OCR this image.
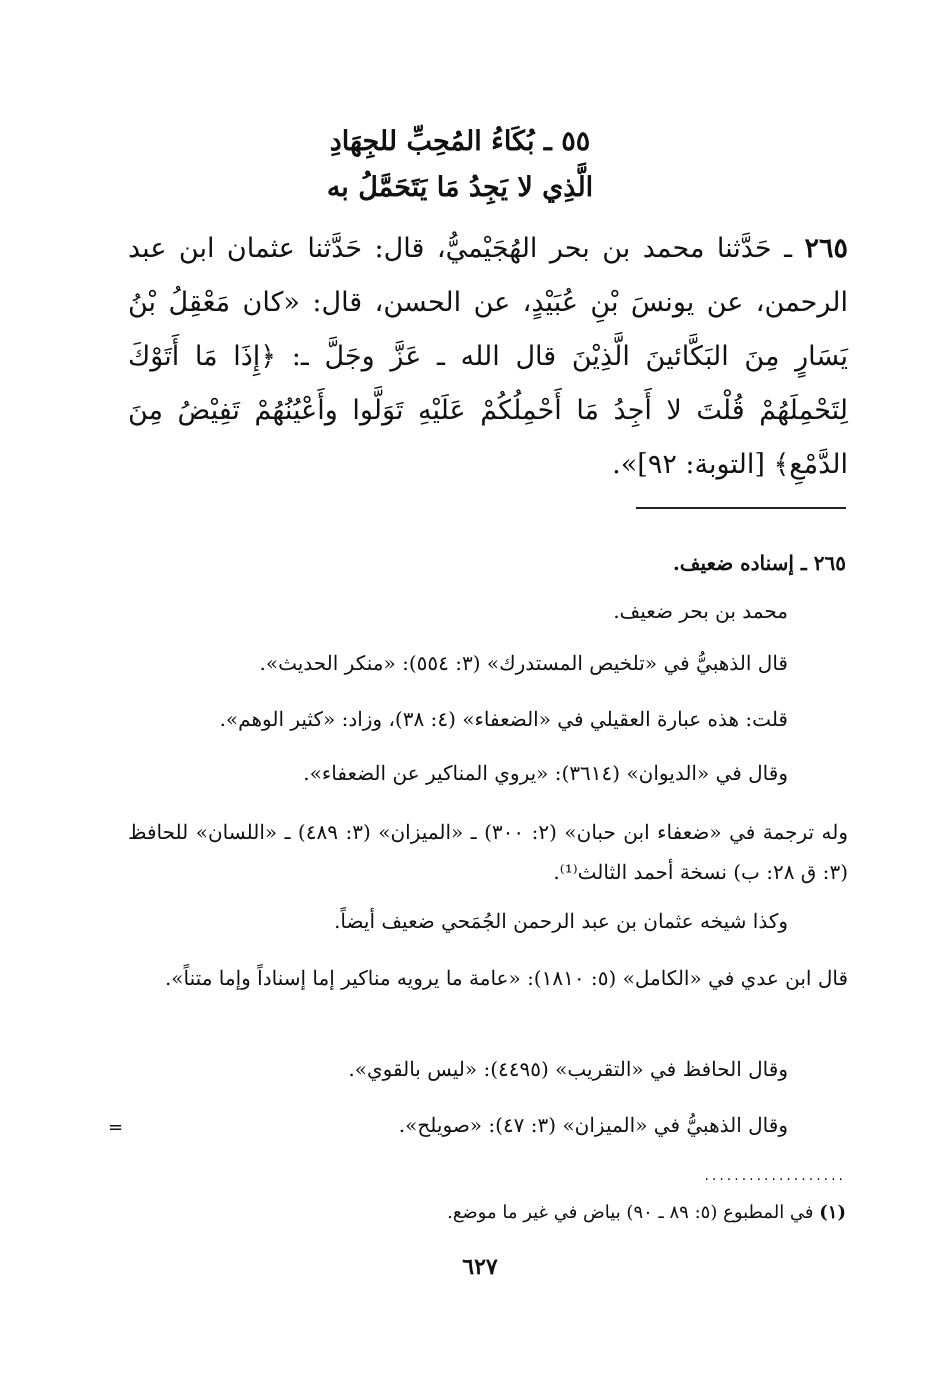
٥٥ ـ بُكَاءُ المُحِبِّ للجِهَادِ
الَّذِي لا يَجِدُ مَا يَتَحَمَّلُ به
٢٦٥ ـ حَدَّثنا محمد بن بحر الهُجَيْميُّ، قال: حَدَّثنا عثمان ابن عبد الرحمن، عن يونسَ بْنِ عُبَيْدٍ، عن الحسن، قال: «كان مَعْقِلُ بْنُ يَسَارٍ مِنَ البَكَّائينَ الَّذِيْنَ قال الله ـ عَزَّ وجَلَّ ـ: ﴿إِذَا مَا أَتَوْكَ لِتَحْمِلَهُمْ قُلْتَ لا أَجِدُ مَا أَحْمِلُكُمْ عَلَيْهِ تَوَلَّوا وأَعْيُنُهُمْ تَفِيْضُ مِنَ الدَّمْعِ﴾ [التوبة: ٩٢]».
٢٦٥ ـ إسناده ضعيف.
محمد بن بحر ضعيف.
قال الذهبيُّ في «تلخيص المستدرك» (٣: ٥٥٤): «منكر الحديث».
قلت: هذه عبارة العقيلي في «الضعفاء» (٤: ٣٨)، وزاد: «كثير الوهم».
وقال في «الديوان» (٣٦١٤): «يروي المناكير عن الضعفاء».
وله ترجمة في «ضعفاء ابن حبان» (٢: ٣٠٠) ـ «الميزان» (٣: ٤٨٩) ـ «اللسان» للحافظ (٣: ق ٢٨: ب) نسخة أحمد الثالث⁽¹⁾.
وكذا شيخه عثمان بن عبد الرحمن الجُمَحي ضعيف أيضاً.
قال ابن عدي في «الكامل» (٥: ١٨١٠): «عامة ما يرويه مناكير إما إسناداً وإما متناً».
وقال الحافظ في «التقريب» (٤٤٩٥): «ليس بالقوي».
وقال الذهبيُّ في «الميزان» (٣: ٤٧): «صويلح».
=
...................
(١) في المطبوع (٥: ٨٩ ـ ٩٠) بياض في غير ما موضع.
٦٢٧
